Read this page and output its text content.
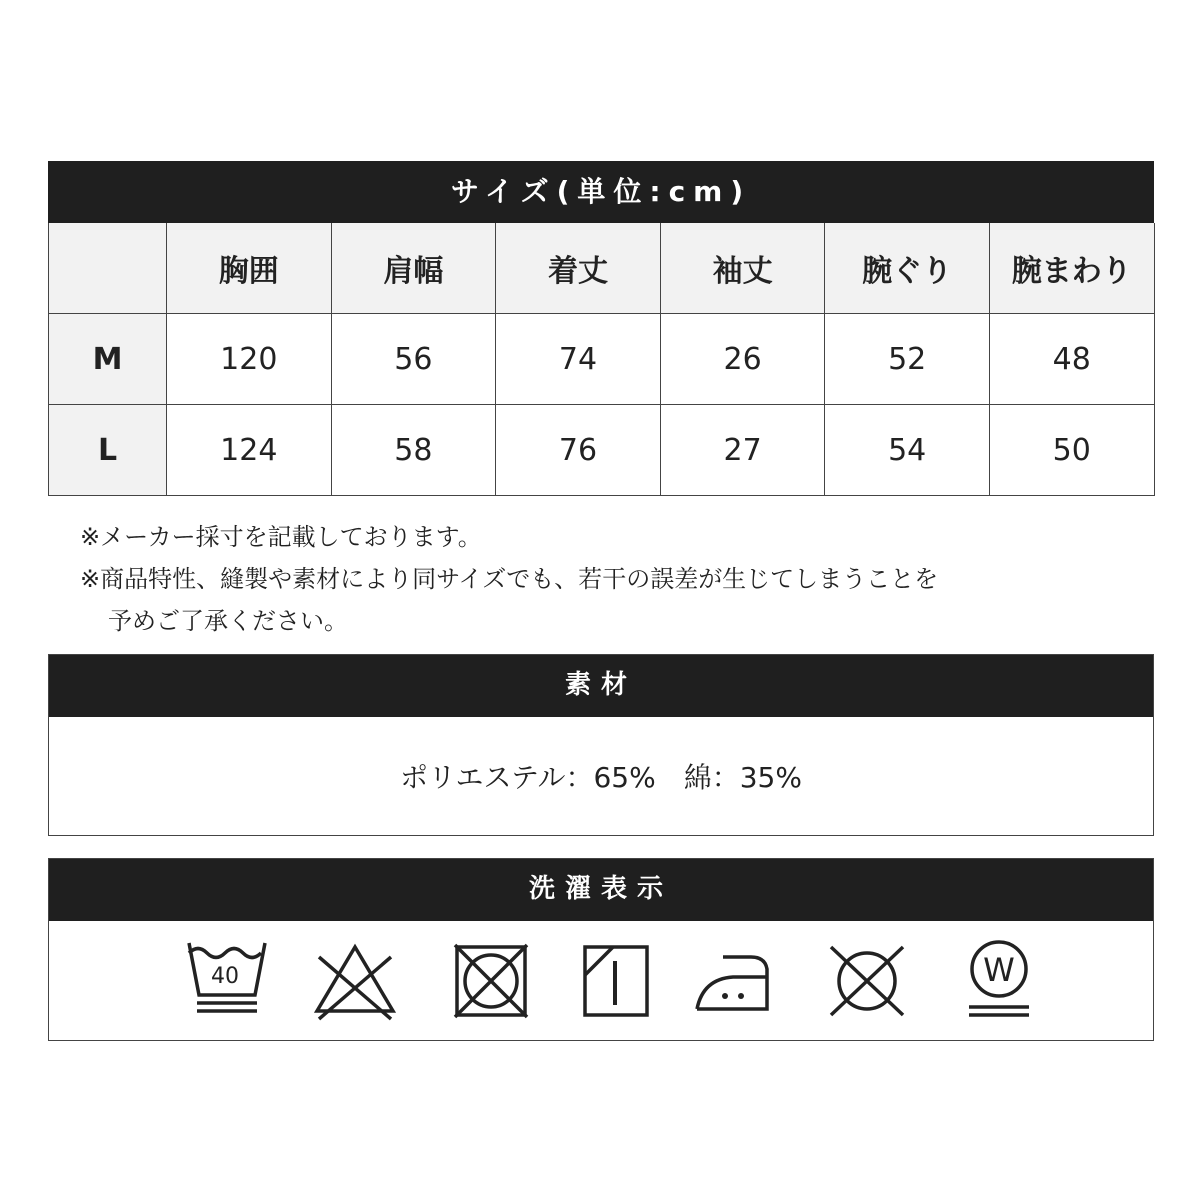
サイズ(単位:cm)
	胸囲	肩幅	着丈	袖丈	腕ぐり	腕まわり
M	120	56	74	26	52	48
L	124	58	76	27	54	50
※メーカー採寸を記載しております。
※商品特性、縫製や素材により同サイズでも、若干の誤差が生じてしまうことを
予めご了承ください。
素材
ポリエステル：65%　綿：35%
洗濯表示
40	W
